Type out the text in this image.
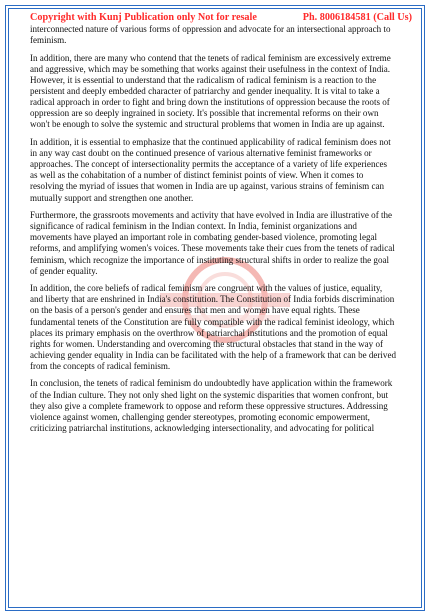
Copyright with Kunj Publication only Not for resale	Ph. 8006184581 (Call Us)

interconnected nature of various forms of oppression and advocate for an intersectional approach to feminism.

In addition, there are many who contend that the tenets of radical feminism are excessively extreme and aggressive, which may be something that works against their usefulness in the context of India. However, it is essential to understand that the radicalism of radical feminism is a reaction to the persistent and deeply embedded character of patriarchy and gender inequality. It is vital to take a radical approach in order to fight and bring down the institutions of oppression because the roots of oppression are so deeply ingrained in society. It's possible that incremental reforms on their own won't be enough to solve the systemic and structural problems that women in India are up against.

In addition, it is essential to emphasize that the continued applicability of radical feminism does not in any way cast doubt on the continued presence of various alternative feminist frameworks or approaches. The concept of intersectionality permits the acceptance of a variety of life experiences as well as the cohabitation of a number of distinct feminist points of view. When it comes to resolving the myriad of issues that women in India are up against, various strains of feminism can mutually support and strengthen one another.

Furthermore, the grassroots movements and activity that have evolved in India are illustrative of the significance of radical feminism in the Indian context. In India, feminist organizations and movements have played an important role in combating gender-based violence, promoting legal reforms, and amplifying women's voices. These movements take their cues from the tenets of radical feminism, which recognize the importance of instituting structural shifts in order to realize the goal of gender equality.

In addition, the core beliefs of radical feminism are congruent with the values of justice, equality, and liberty that are enshrined in India's constitution. The Constitution of India forbids discrimination on the basis of a person's gender and ensures that men and women have equal rights. These fundamental tenets of the Constitution are fully compatible with the radical feminist ideology, which places its primary emphasis on the overthrow of patriarchal institutions and the promotion of equal rights for women. Understanding and overcoming the structural obstacles that stand in the way of achieving gender equality in India can be facilitated with the help of a framework that can be derived from the concepts of radical feminism.

In conclusion, the tenets of radical feminism do undoubtedly have application within the framework of the Indian culture. They not only shed light on the systemic disparities that women confront, but they also give a complete framework to oppose and reform these oppressive structures. Addressing violence against women, challenging gender stereotypes, promoting economic empowerment, criticizing patriarchal institutions, acknowledging intersectionality, and advocating for political
